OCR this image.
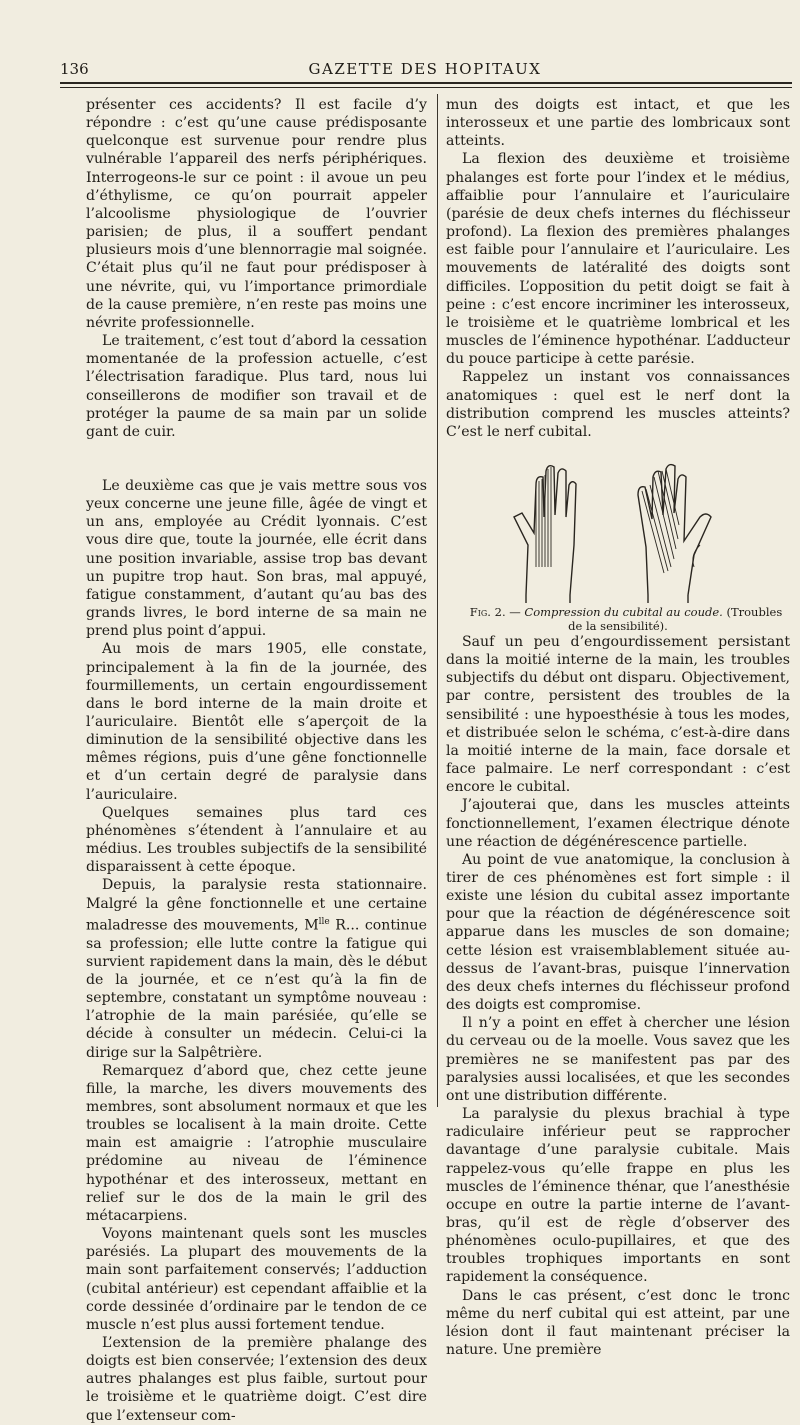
136	GAZETTE DES HOPITAUX

présenter ces accidents? Il est facile d’y répondre : c’est qu’une cause prédisposante quelconque est survenue pour rendre plus vulnérable l’appareil des nerfs périphériques. Interrogeons-le sur ce point : il avoue un peu d’éthylisme, ce qu’on pourrait appeler l’alcoolisme physiologique de l’ouvrier parisien; de plus, il a souffert pendant plusieurs mois d’une blennorragie mal soignée. C’était plus qu’il ne faut pour prédisposer à une névrite, qui, vu l’importance primordiale de la cause première, n’en reste pas moins une névrite professionnelle.

Le traitement, c’est tout d’abord la cessation momentanée de la profession actuelle, c’est l’électrisation faradique. Plus tard, nous lui conseillerons de modifier son travail et de protéger la paume de sa main par un solide gant de cuir.

Le deuxième cas que je vais mettre sous vos yeux concerne une jeune fille, âgée de vingt et un ans, employée au Crédit lyonnais. C’est vous dire que, toute la journée, elle écrit dans une position invariable, assise trop bas devant un pupitre trop haut. Son bras, mal appuyé, fatigue constamment, d’autant qu’au bas des grands livres, le bord interne de sa main ne prend plus point d’appui.

Au mois de mars 1905, elle constate, principalement à la fin de la journée, des fourmillements, un certain engourdissement dans le bord interne de la main droite et l’auriculaire. Bientôt elle s’aperçoit de la diminution de la sensibilité objective dans les mêmes régions, puis d’une gêne fonctionnelle et d’un certain degré de paralysie dans l’auriculaire.

Quelques semaines plus tard ces phénomènes s’étendent à l’annulaire et au médius. Les troubles subjectifs de la sensibilité disparaissent à cette époque.

Depuis, la paralysie resta stationnaire. Malgré la gêne fonctionnelle et une certaine maladresse des mouvements, $M^{lle}$ R... continue sa profession; elle lutte contre la fatigue qui survient rapidement dans la main, dès le début de la journée, et ce n’est qu’à la fin de septembre, constatant un symptôme nouveau : l’atrophie de la main parésiée, qu’elle se décide à consulter un médecin. Celui-ci la dirige sur la Salpêtrière.

Remarquez d’abord que, chez cette jeune fille, la marche, les divers mouvements des membres, sont absolument normaux et que les troubles se localisent à la main droite. Cette main est amaigrie : l’atrophie musculaire prédomine au niveau de l’éminence hypothénar et des interosseux, mettant en relief sur le dos de la main le gril des métacarpiens.

Voyons maintenant quels sont les muscles parésiés. La plupart des mouvements de la main sont parfaitement conservés; l’adduction (cubital antérieur) est cependant affaiblie et la corde dessinée d’ordinaire par le tendon de ce muscle n’est plus aussi fortement tendue.

L’extension de la première phalange des doigts est bien conservée; l’extension des deux autres phalanges est plus faible, surtout pour le troisième et le quatrième doigt. C’est dire que l’extenseur com-

mun des doigts est intact, et que les interosseux et une partie des lombricaux sont atteints.

La flexion des deuxième et troisième phalanges est forte pour l’index et le médius, affaiblie pour l’annulaire et l’auriculaire (parésie de deux chefs internes du fléchisseur profond). La flexion des premières phalanges est faible pour l’annulaire et l’auriculaire. Les mouvements de latéralité des doigts sont difficiles. L’opposition du petit doigt se fait à peine : c’est encore incriminer les interosseux, le troisième et le quatrième lombrical et les muscles de l’éminence hypothénar. L’adducteur du pouce participe à cette parésie.

Rappelez un instant vos connaissances anatomiques : quel est le nerf dont la distribution comprend les muscles atteints? C’est le nerf cubital.

Fig. 2. — Compression du cubital au coude. (Troubles de la sensibilité).

Sauf un peu d’engourdissement persistant dans la moitié interne de la main, les troubles subjectifs du début ont disparu. Objectivement, par contre, persistent des troubles de la sensibilité : une hypoesthésie à tous les modes, et distribuée selon le schéma, c’est-à-dire dans la moitié interne de la main, face dorsale et face palmaire. Le nerf correspondant : c’est encore le cubital.

J’ajouterai que, dans les muscles atteints fonctionnellement, l’examen électrique dénote une réaction de dégénérescence partielle.

Au point de vue anatomique, la conclusion à tirer de ces phénomènes est fort simple : il existe une lésion du cubital assez importante pour que la réaction de dégénérescence soit apparue dans les muscles de son domaine; cette lésion est vraisemblablement située au-dessus de l’avant-bras, puisque l’innervation des deux chefs internes du fléchisseur profond des doigts est compromise.

Il n’y a point en effet à chercher une lésion du cerveau ou de la moelle. Vous savez que les premières ne se manifestent pas par des paralysies aussi localisées, et que les secondes ont une distribution différente.

La paralysie du plexus brachial à type radiculaire inférieur peut se rapprocher davantage d’une paralysie cubitale. Mais rappelez-vous qu’elle frappe en plus les muscles de l’éminence thénar, que l’anesthésie occupe en outre la partie interne de l’avant-bras, qu’il est de règle d’observer des phénomènes oculo-pupillaires, et que des troubles trophiques importants en sont rapidement la conséquence.

Dans le cas présent, c’est donc le tronc même du nerf cubital qui est atteint, par une lésion dont il faut maintenant préciser la nature. Une première
